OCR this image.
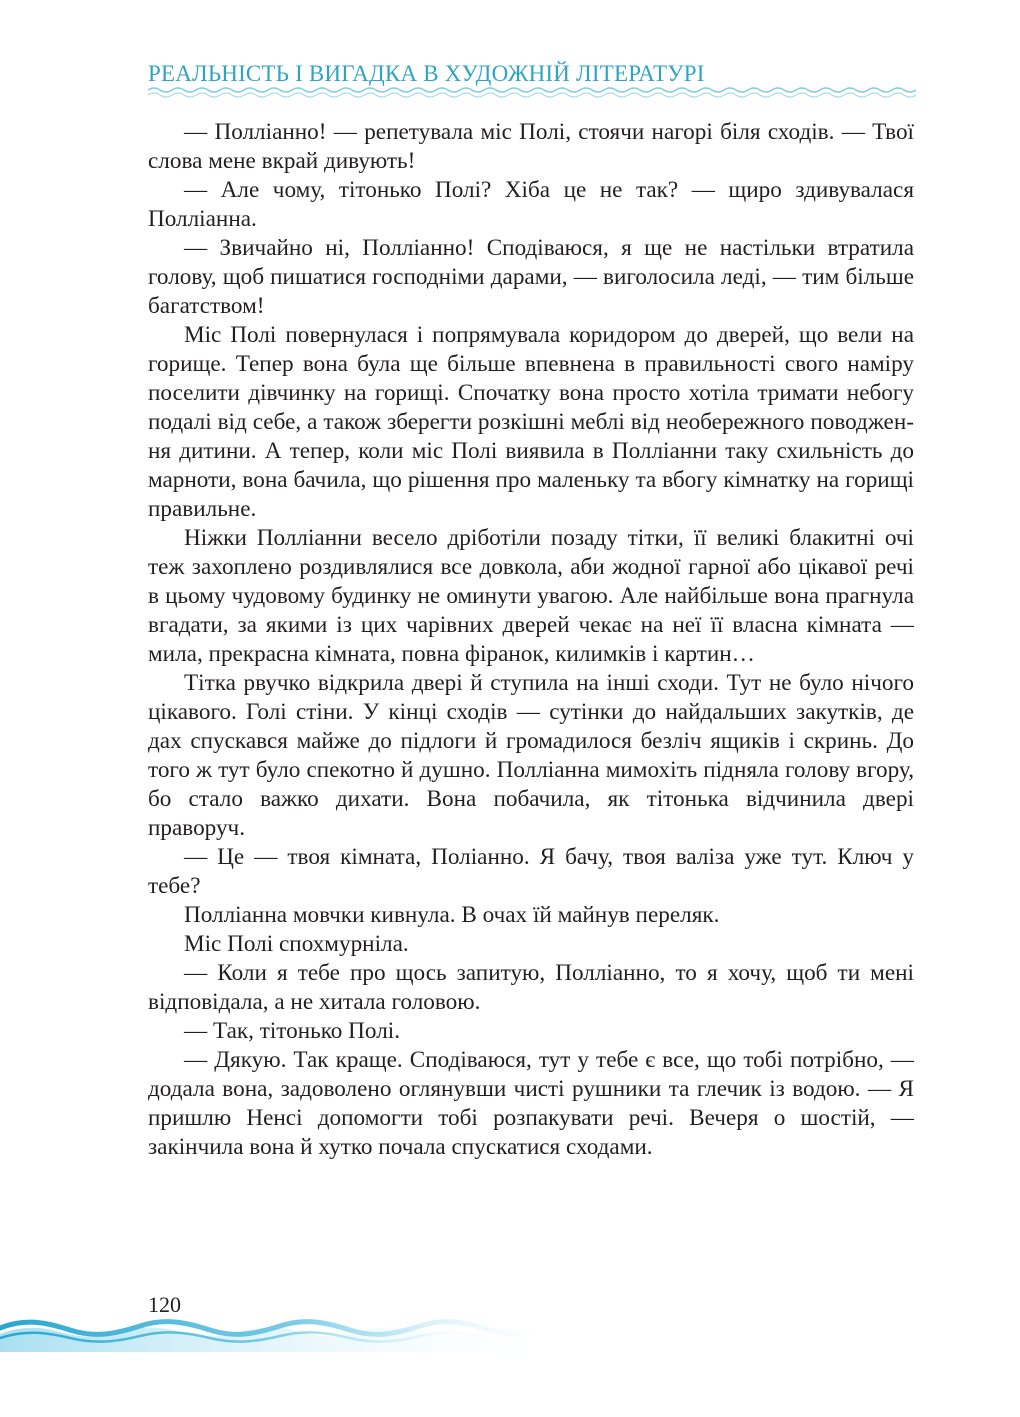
РЕАЛЬНІСТЬ І ВИГАДКА В ХУДОЖНІЙ ЛІТЕРАТУРІ

— Полліанно! — репетувала міс Полі, стоячи нагорі біля сходів. — Твої слова мене вкрай дивують!

— Але чому, тітонько Полі? Хіба це не так? — щиро здивувалася Полліанна.

— Звичайно ні, Полліанно! Сподіваюся, я ще не настільки втратила голову, щоб пишатися господніми дарами, — виголосила леді, — тим більше багатством!

Міс Полі повернулася і попрямувала коридором до дверей, що вели на горище. Тепер вона була ще більше впевнена в правильності свого наміру поселити дівчинку на горищі. Спочатку вона просто хотіла тримати небогу подалі від себе, а також зберегти розкішні меблі від необережного поводження дитини. А тепер, коли міс Полі виявила в Полліанни таку схильність до марноти, вона бачила, що рішення про маленьку та вбогу кімнатку на горищі правильне.

Ніжки Полліанни весело дріботіли позаду тітки, її великі блакитні очі теж захоплено роздивлялися все довкола, аби жодної гарної або цікавої речі в цьому чудовому будинку не оминути увагою. Але найбільше вона прагнула вгадати, за якими із цих чарівних дверей чекає на неї її власна кімната — мила, прекрасна кімната, повна фіранок, килимків і картин…

Тітка рвучко відкрила двері й ступила на інші сходи. Тут не було нічого цікавого. Голі стіни. У кінці сходів — сутінки до найдальших закутків, де дах спускався майже до підлоги й громадилося безліч ящиків і скринь. До того ж тут було спекотно й душно. Полліанна мимохіть підняла голову вгору, бо стало важко дихати. Вона побачила, як тітонька відчинила двері праворуч.

— Це — твоя кімната, Поліанно. Я бачу, твоя валіза уже тут. Ключ у тебе?

Полліанна мовчки кивнула. В очах їй майнув переляк.

Міс Полі спохмурніла.

— Коли я тебе про щось запитую, Полліанно, то я хочу, щоб ти мені відповідала, а не хитала головою.

— Так, тітонько Полі.

— Дякую. Так краще. Сподіваюся, тут у тебе є все, що тобі потрібно, — додала вона, задоволено оглянувши чисті рушники та глечик із водою. — Я пришлю Ненсі допомогти тобі розпакувати речі. Вечеря о шостій, — закінчила вона й хутко почала спускатися сходами.

120
